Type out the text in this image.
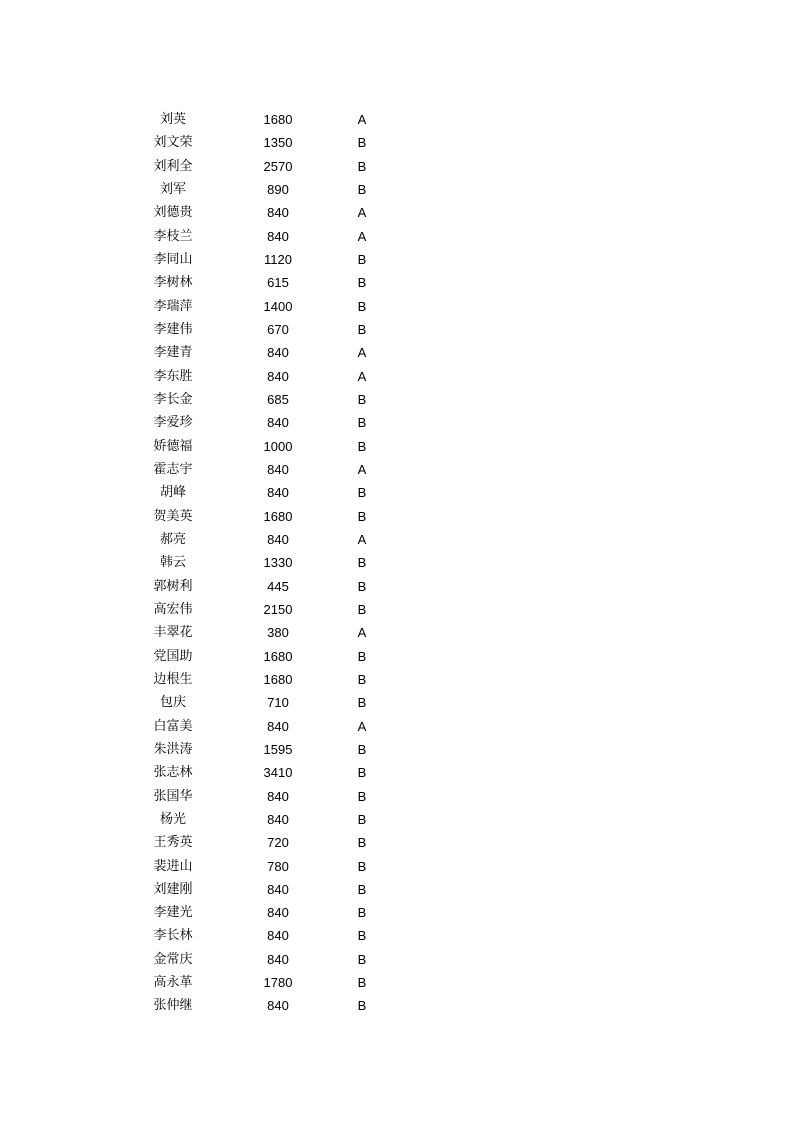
刘英	1680	A
刘文荣	1350	B
刘利全	2570	B
刘军	890	B
刘德贵	840	A
李枝兰	840	A
李同山	1120	B
李树林	615	B
李瑞萍	1400	B
李建伟	670	B
李建青	840	A
李东胜	840	A
李长金	685	B
李爱珍	840	B
娇德福	1000	B
霍志宇	840	A
胡峰	840	B
贺美英	1680	B
郝亮	840	A
韩云	1330	B
郭树利	445	B
高宏伟	2150	B
丰翠花	380	A
党国助	1680	B
边根生	1680	B
包庆	710	B
白富美	840	A
朱洪涛	1595	B
张志林	3410	B
张国华	840	B
杨光	840	B
王秀英	720	B
裴进山	780	B
刘建刚	840	B
李建光	840	B
李长林	840	B
金常庆	840	B
高永革	1780	B
张仲继	840	B
